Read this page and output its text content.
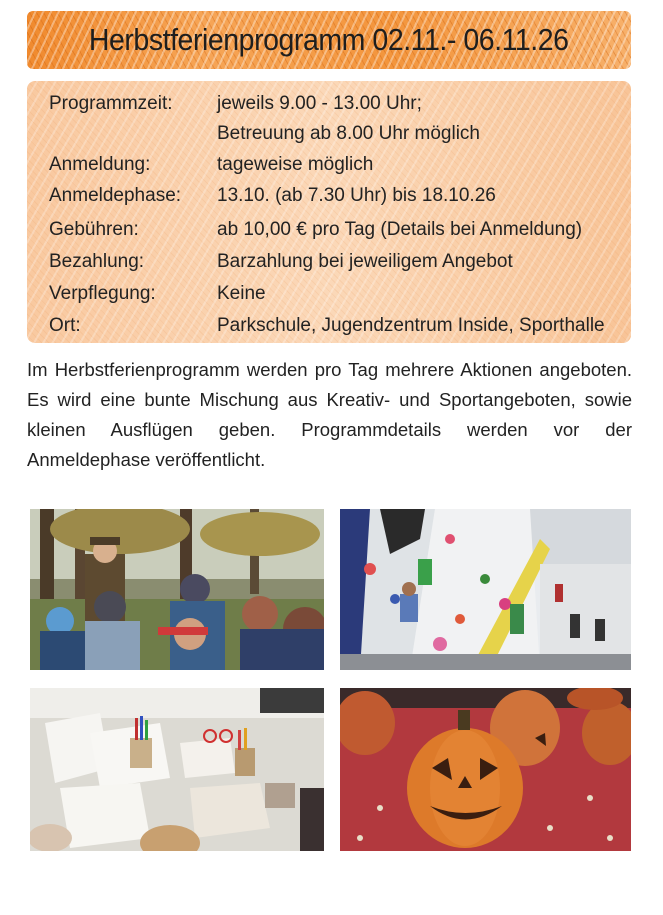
Herbstferienprogramm 02.11.- 06.11.26
Programmzeit: jeweils 9.00 - 13.00 Uhr;
Betreuung ab 8.00 Uhr möglich
Anmeldung:	tageweise möglich
Anmeldephase: 13.10. (ab 7.30 Uhr) bis 18.10.26
Gebühren:	ab 10,00 € pro Tag (Details bei Anmeldung)
Bezahlung:	Barzahlung bei jeweiligem Angebot
Verpflegung:	Keine
Ort:	Parkschule, Jugendzentrum Inside, Sporthalle

Im Herbstferienprogramm werden pro Tag mehrere Aktionen angeboten. Es wird eine bunte Mischung aus Kreativ- und Sportangeboten, sowie kleinen Ausflügen geben. Programmdetails werden vor der Anmeldephase veröffentlicht.
